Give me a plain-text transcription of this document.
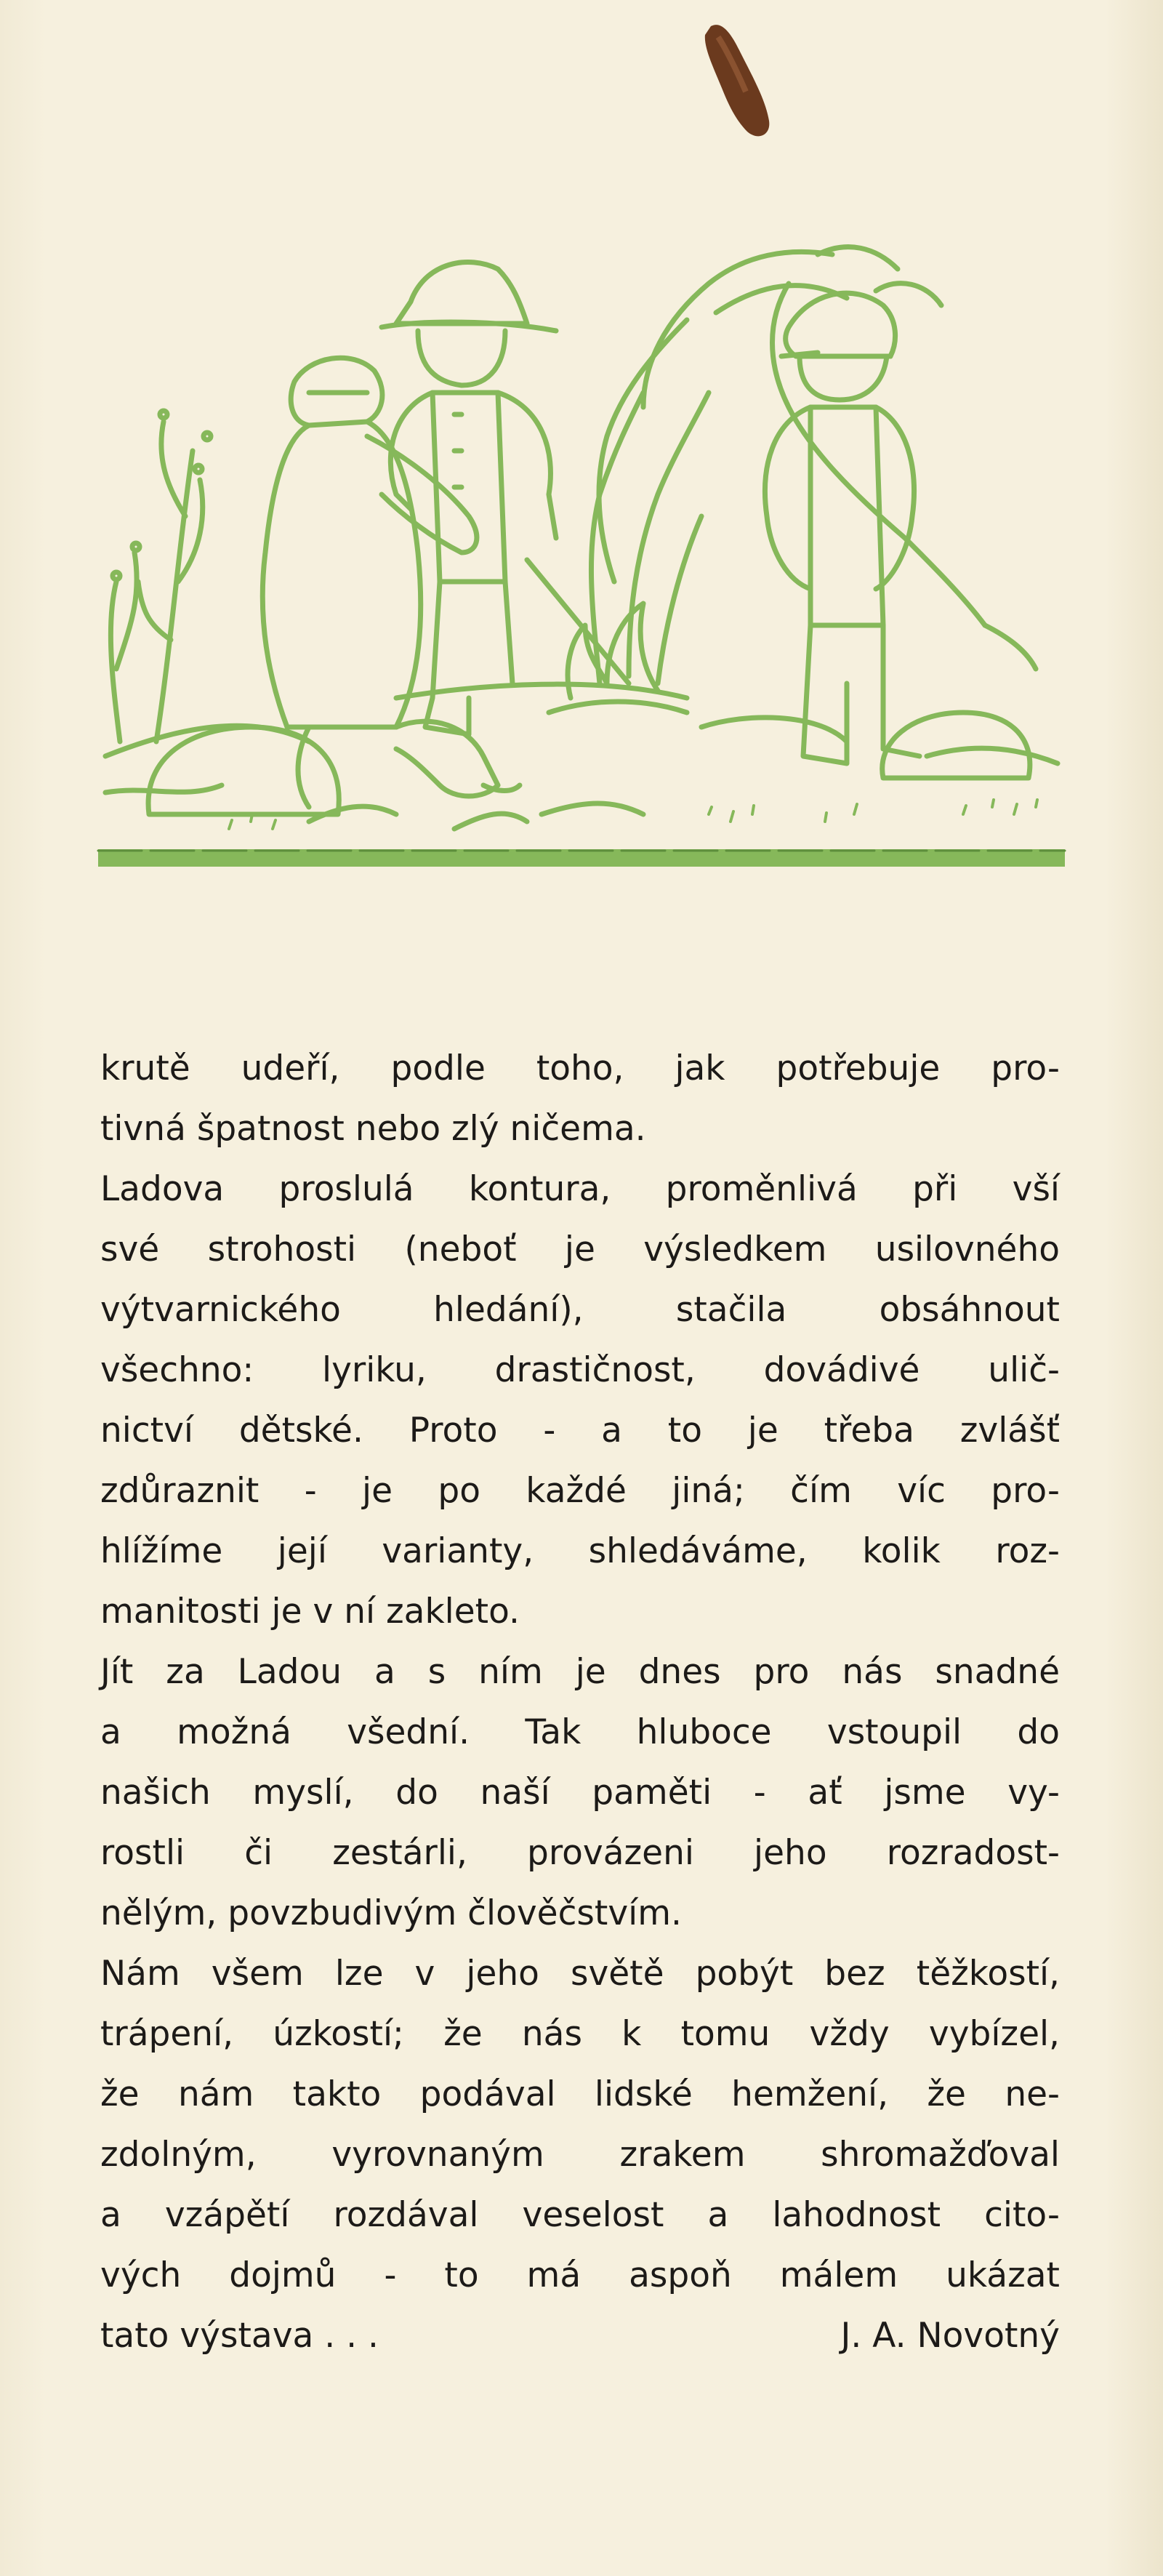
krutě udeří, podle toho, jak potřebuje pro-
tivná špatnost nebo zlý ničema.

Ladova proslulá kontura, proměnlivá při vší
své strohosti (neboť je výsledkem usilovného
výtvarnického hledání), stačila obsáhnout
všechno: lyriku, drastičnost, dovádivé ulič-
nictví dětské. Proto - a to je třeba zvlášť
zdůraznit - je po každé jiná; čím víc pro-
hlížíme její varianty, shledáváme, kolik roz-
manitosti je v ní zakleto.

Jít za Ladou a s ním je dnes pro nás snadné
a možná všední. Tak hluboce vstoupil do
našich myslí, do naší paměti - ať jsme vy-
rostli či zestárli, provázeni jeho rozradost-
nělým, povzbudivým člověčstvím.

Nám všem lze v jeho světě pobýt bez těžkostí,
trápení, úzkostí; že nás k tomu vždy vybízel,
že nám takto podával lidské hemžení, že ne-
zdolným, vyrovnaným zrakem shromažďoval
a vzápětí rozdával veselost a lahodnost cito-
vých dojmů - to má aspoň málem ukázat
tato výstava . . .	J. A. Novotný
